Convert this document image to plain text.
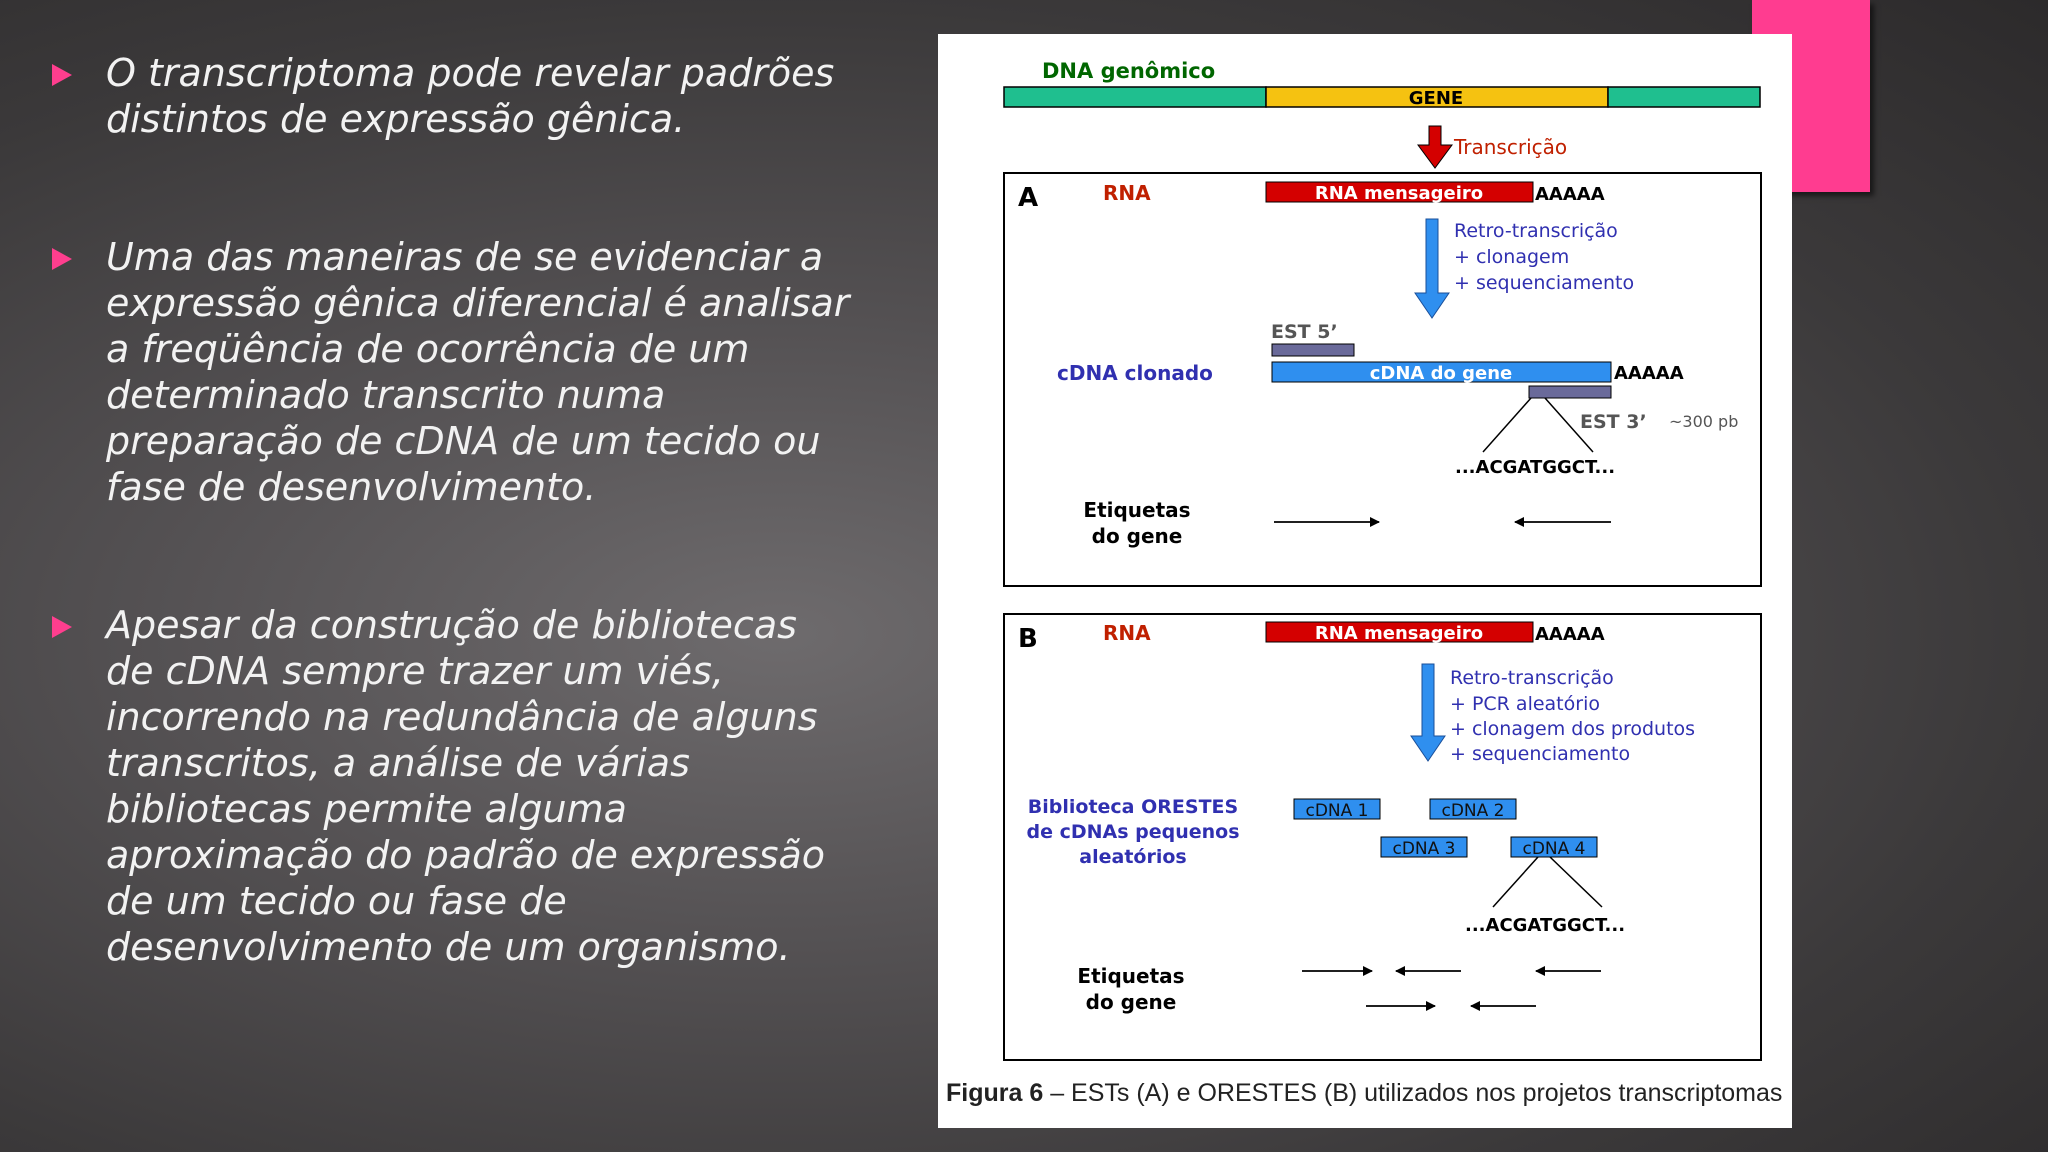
O transcriptoma pode revelar padrões
distintos de expressão gênica.
Uma das maneiras de se evidenciar a
expressão gênica diferencial é analisar
a freqüência de ocorrência de um
determinado transcrito numa
preparação de cDNA de um tecido ou
fase de desenvolvimento.
Apesar da construção de bibliotecas
de cDNA sempre trazer um viés,
incorrendo na redundância de alguns
transcritos, a análise de várias
bibliotecas permite alguma
aproximação do padrão de expressão
de um tecido ou fase de
desenvolvimento de um organismo.
DNA genômico
GENE
Transcrição
A	RNA	RNA mensageiro	AAAAA
Retro-transcrição
+ clonagem
+ sequenciamento
EST 5’
cDNA clonado	cDNA do gene	AAAAA
EST 3’ ~300 pb
...ACGATGGCT...
Etiquetas
do gene
B	RNA	RNA mensageiro	AAAAA
Retro-transcrição
+ PCR aleatório
+ clonagem dos produtos
+ sequenciamento
Biblioteca ORESTES
de cDNAs pequenos
aleatórios
cDNA 1	cDNA 2
cDNA 3	cDNA 4
...ACGATGGCT...
Etiquetas
do gene
Figura 6 – ESTs (A) e ORESTES (B) utilizados nos projetos transcriptomas
